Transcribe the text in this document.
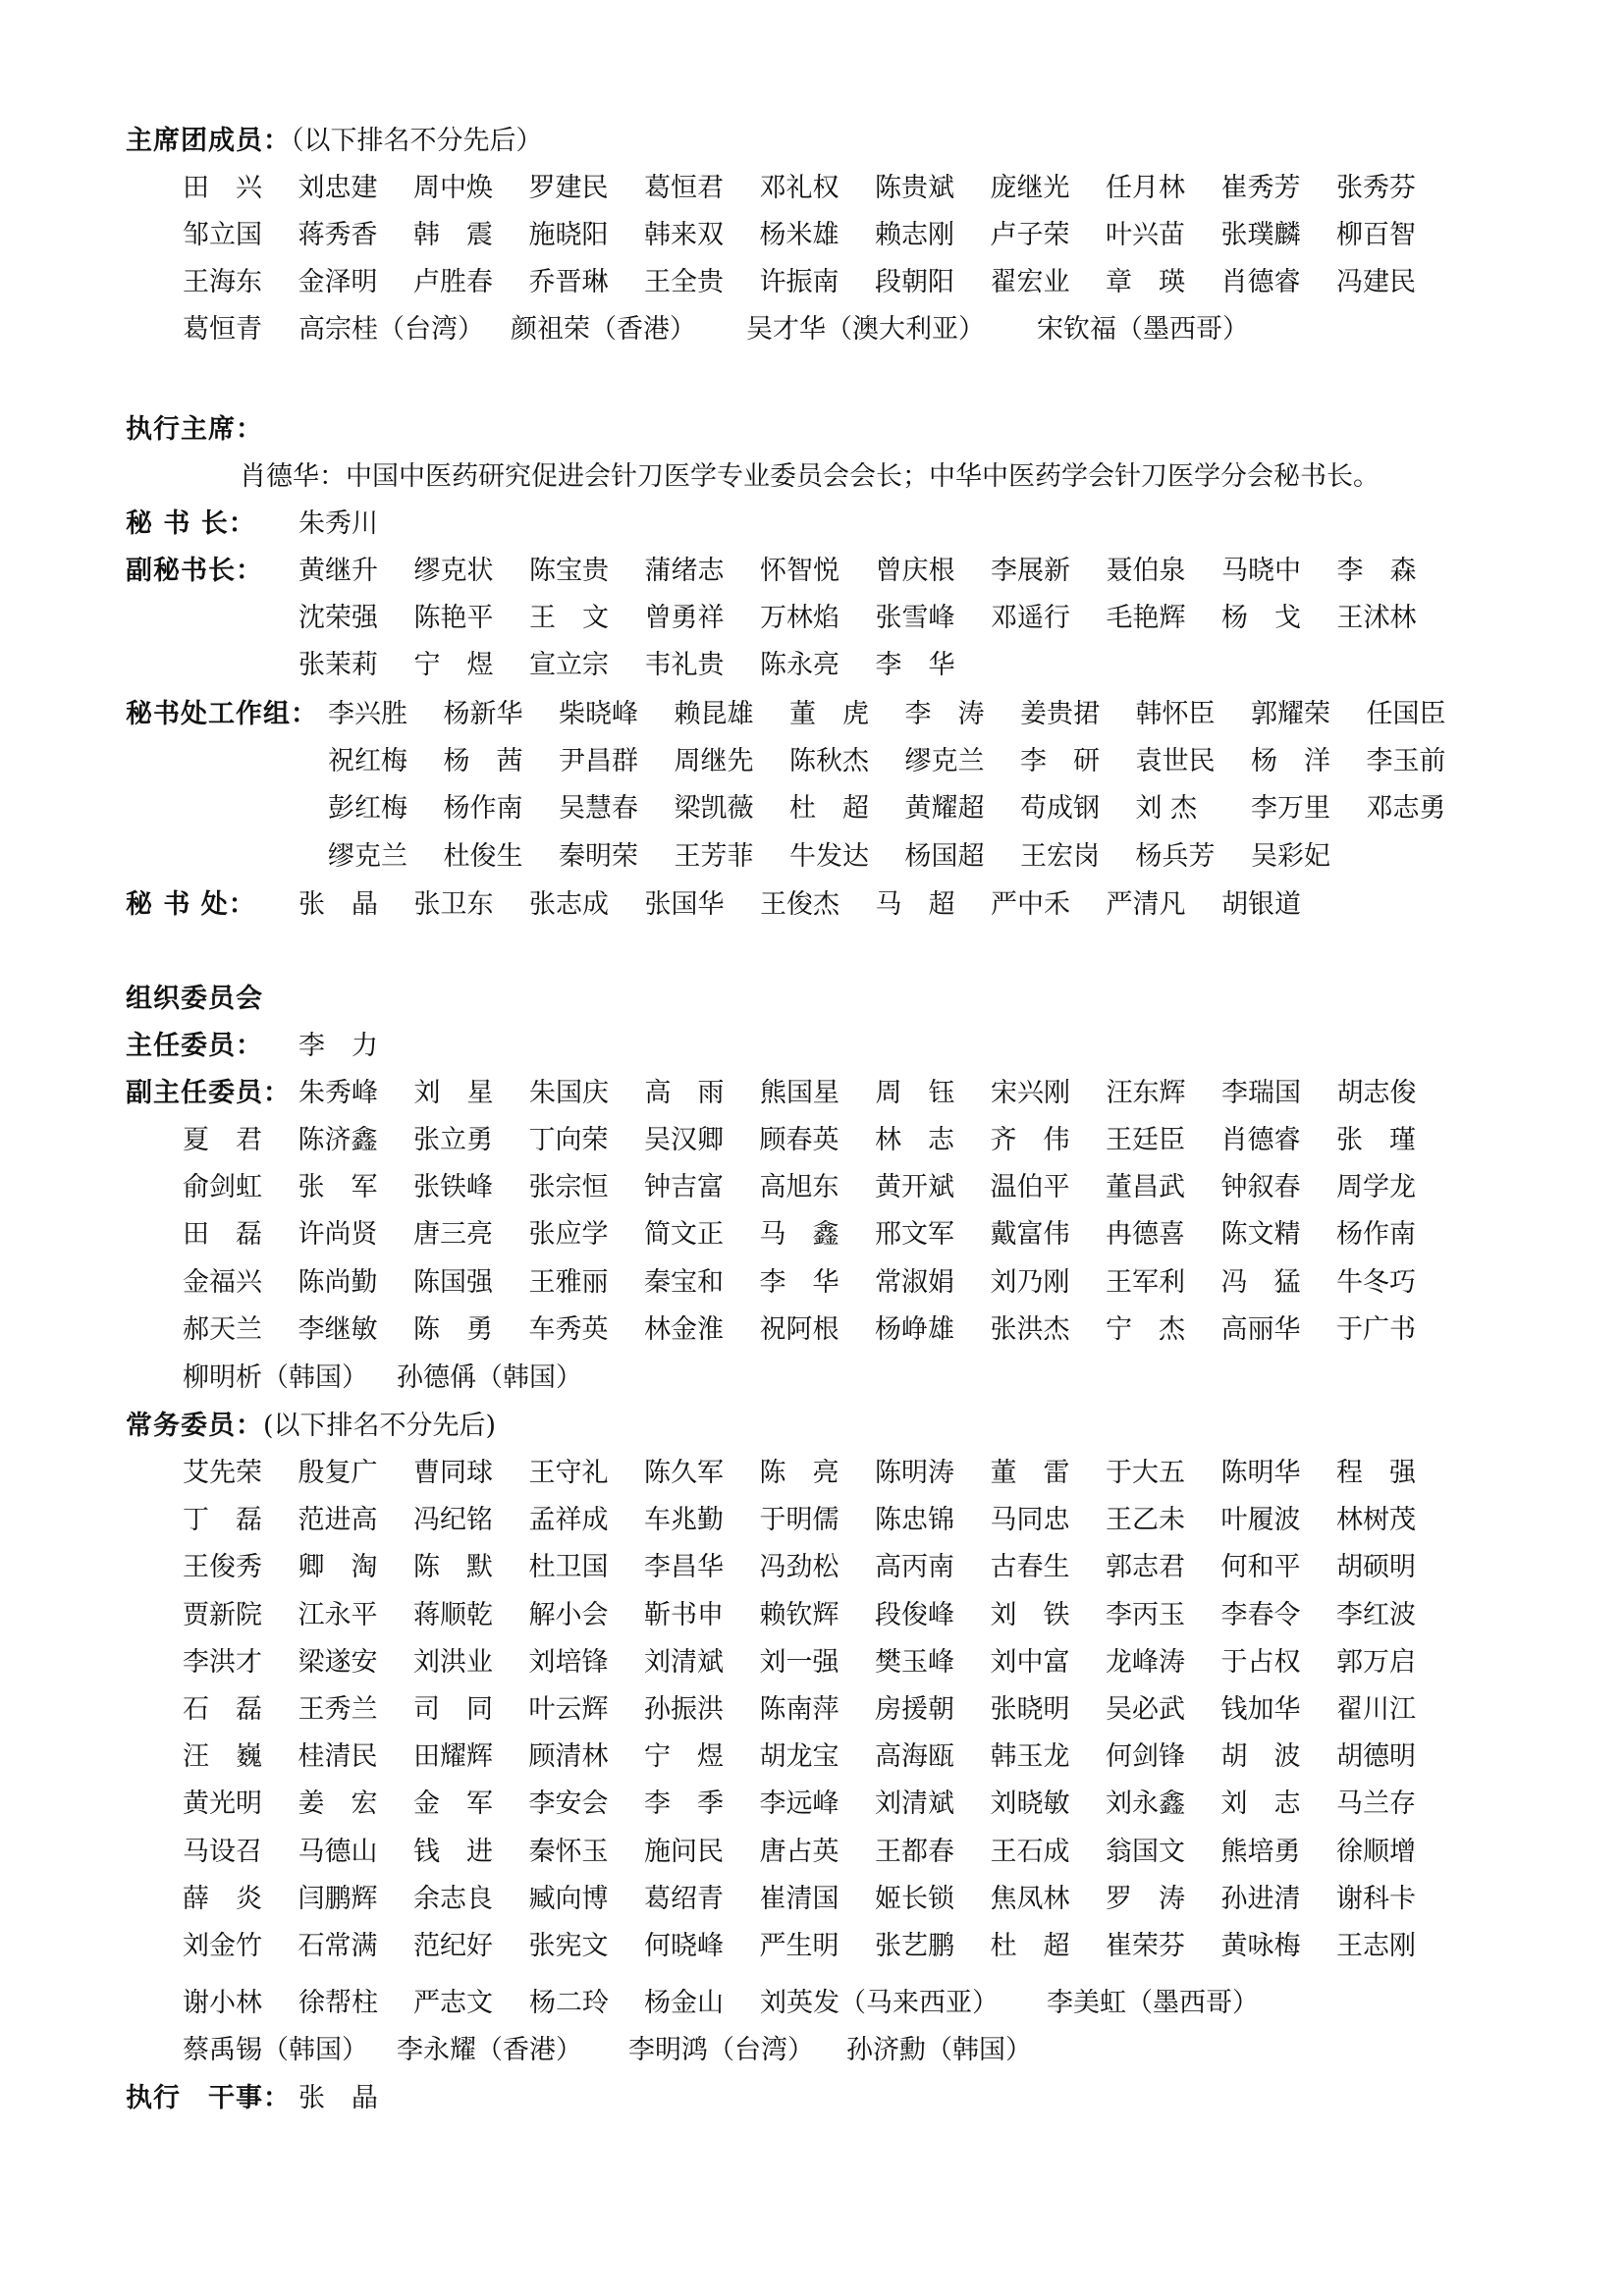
主席团成员：（以下排名不分先后）
田　兴 刘忠建 周中焕 罗建民 葛恒君 邓礼权 陈贵斌 庞继光 任月林 崔秀芳 张秀芬
邹立国 蒋秀香 韩　震 施晓阳 韩来双 杨米雄 赖志刚 卢子荣 叶兴苗 张璞麟 柳百智
王海东 金泽明 卢胜春 乔晋琳 王全贵 许振南 段朝阳 翟宏业 章　瑛 肖德睿 冯建民
葛恒青 高宗桂（台湾） 颜祖荣（香港） 吴才华（澳大利亚） 宋钦福（墨西哥）
执行主席：
肖德华：中国中医药研究促进会针刀医学专业委员会会长；中华中医药学会针刀医学分会秘书长。
秘 书 长： 朱秀川
副秘书长： 黄继升 缪克状 陈宝贵 蒲绪志 怀智悦 曾庆根 李展新 聂伯泉 马晓中 李　森
沈荣强 陈艳平 王　文 曾勇祥 万林焰 张雪峰 邓遥行 毛艳辉 杨　戈 王沭林
张茉莉 宁　煜 宣立宗 韦礼贵 陈永亮 李　华
秘书处工作组： 李兴胜 杨新华 柴晓峰 赖昆雄 董　虎 李　涛 姜贵捃 韩怀臣 郭耀荣 任国臣
祝红梅 杨　茜 尹昌群 周继先 陈秋杰 缪克兰 李　研 袁世民 杨　洋 李玉前
彭红梅 杨作南 吴慧春 梁凯薇 杜　超 黄耀超 苟成钢 刘 杰 李万里 邓志勇
缪克兰 杜俊生 秦明荣 王芳菲 牛发达 杨国超 王宏岗 杨兵芳 吴彩妃
秘 书 处： 张　晶 张卫东 张志成 张国华 王俊杰 马　超 严中禾 严清凡 胡银道
组织委员会
主任委员： 李　力
副主任委员： 朱秀峰 刘　星 朱国庆 高　雨 熊国星 周　钰 宋兴刚 汪东辉 李瑞国 胡志俊
夏　君 陈济鑫 张立勇 丁向荣 吴汉卿 顾春英 林　志 齐　伟 王廷臣 肖德睿 张　瑾
俞剑虹 张　军 张铁峰 张宗恒 钟吉富 高旭东 黄开斌 温伯平 董昌武 钟叙春 周学龙
田　磊 许尚贤 唐三亮 张应学 简文正 马　鑫 邢文军 戴富伟 冉德喜 陈文精 杨作南
金福兴 陈尚勤 陈国强 王雅丽 秦宝和 李　华 常淑娟 刘乃刚 王军利 冯　猛 牛冬巧
郝天兰 李继敏 陈　勇 车秀英 林金淮 祝阿根 杨峥雄 张洪杰 宁　杰 高丽华 于广书
柳明析（韩国） 孙德偁（韩国）
常务委员：(以下排名不分先后)
艾先荣 殷复广 曹同球 王守礼 陈久军 陈　亮 陈明涛 董　雷 于大五 陈明华 程　强
丁　磊 范进高 冯纪铭 孟祥成 车兆勤 于明儒 陈忠锦 马同忠 王乙未 叶履波 林树茂
王俊秀 卿　淘 陈　默 杜卫国 李昌华 冯劲松 高丙南 古春生 郭志君 何和平 胡硕明
贾新院 江永平 蒋顺乾 解小会 靳书申 赖钦辉 段俊峰 刘　铁 李丙玉 李春令 李红波
李洪才 梁遂安 刘洪业 刘培锋 刘清斌 刘一强 樊玉峰 刘中富 龙峰涛 于占权 郭万启
石　磊 王秀兰 司　同 叶云辉 孙振洪 陈南萍 房援朝 张晓明 吴必武 钱加华 翟川江
汪　巍 桂清民 田耀辉 顾清林 宁　煜 胡龙宝 高海瓯 韩玉龙 何剑锋 胡　波 胡德明
黄光明 姜　宏 金　军 李安会 李　季 李远峰 刘清斌 刘晓敏 刘永鑫 刘　志 马兰存
马设召 马德山 钱　进 秦怀玉 施问民 唐占英 王都春 王石成 翁国文 熊培勇 徐顺增
薛　炎 闫鹏辉 余志良 臧向博 葛绍青 崔清国 姬长锁 焦凤林 罗　涛 孙进清 谢科卡
刘金竹 石常满 范纪好 张宪文 何晓峰 严生明 张艺鹏 杜　超 崔荣芬 黄咏梅 王志刚
谢小林 徐帮柱 严志文 杨二玲 杨金山 刘英发（马来西亚） 李美虹（墨西哥）
蔡禹锡（韩国） 李永耀（香港） 李明鸿（台湾） 孙济勳（韩国）
执行　干事： 张　晶
